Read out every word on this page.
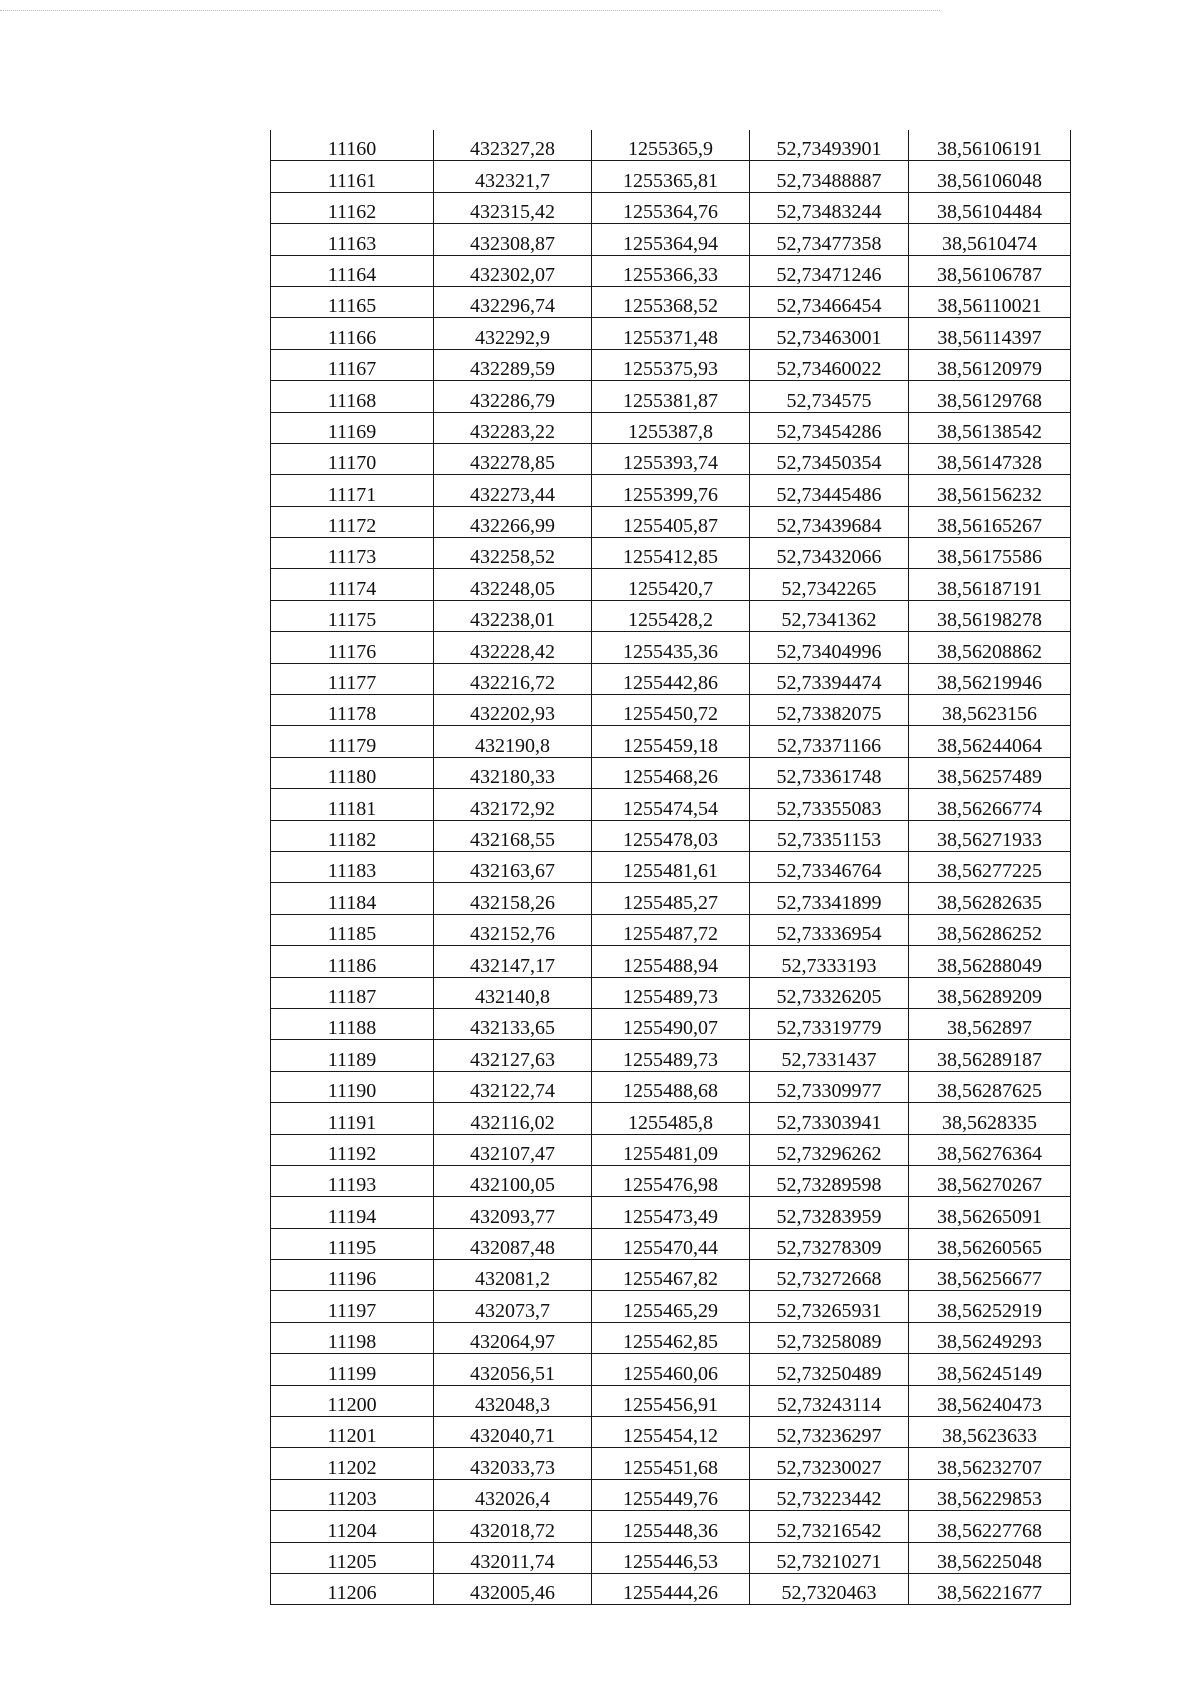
11160	432327,28	1255365,9	52,73493901	38,56106191
11161	432321,7	1255365,81	52,73488887	38,56106048
11162	432315,42	1255364,76	52,73483244	38,56104484
11163	432308,87	1255364,94	52,73477358	38,5610474
11164	432302,07	1255366,33	52,73471246	38,56106787
11165	432296,74	1255368,52	52,73466454	38,56110021
11166	432292,9	1255371,48	52,73463001	38,56114397
11167	432289,59	1255375,93	52,73460022	38,56120979
11168	432286,79	1255381,87	52,734575	38,56129768
11169	432283,22	1255387,8	52,73454286	38,56138542
11170	432278,85	1255393,74	52,73450354	38,56147328
11171	432273,44	1255399,76	52,73445486	38,56156232
11172	432266,99	1255405,87	52,73439684	38,56165267
11173	432258,52	1255412,85	52,73432066	38,56175586
11174	432248,05	1255420,7	52,7342265	38,56187191
11175	432238,01	1255428,2	52,7341362	38,56198278
11176	432228,42	1255435,36	52,73404996	38,56208862
11177	432216,72	1255442,86	52,73394474	38,56219946
11178	432202,93	1255450,72	52,73382075	38,5623156
11179	432190,8	1255459,18	52,73371166	38,56244064
11180	432180,33	1255468,26	52,73361748	38,56257489
11181	432172,92	1255474,54	52,73355083	38,56266774
11182	432168,55	1255478,03	52,73351153	38,56271933
11183	432163,67	1255481,61	52,73346764	38,56277225
11184	432158,26	1255485,27	52,73341899	38,56282635
11185	432152,76	1255487,72	52,73336954	38,56286252
11186	432147,17	1255488,94	52,7333193	38,56288049
11187	432140,8	1255489,73	52,73326205	38,56289209
11188	432133,65	1255490,07	52,73319779	38,562897
11189	432127,63	1255489,73	52,7331437	38,56289187
11190	432122,74	1255488,68	52,73309977	38,56287625
11191	432116,02	1255485,8	52,73303941	38,5628335
11192	432107,47	1255481,09	52,73296262	38,56276364
11193	432100,05	1255476,98	52,73289598	38,56270267
11194	432093,77	1255473,49	52,73283959	38,56265091
11195	432087,48	1255470,44	52,73278309	38,56260565
11196	432081,2	1255467,82	52,73272668	38,56256677
11197	432073,7	1255465,29	52,73265931	38,56252919
11198	432064,97	1255462,85	52,73258089	38,56249293
11199	432056,51	1255460,06	52,73250489	38,56245149
11200	432048,3	1255456,91	52,73243114	38,56240473
11201	432040,71	1255454,12	52,73236297	38,5623633
11202	432033,73	1255451,68	52,73230027	38,56232707
11203	432026,4	1255449,76	52,73223442	38,56229853
11204	432018,72	1255448,36	52,73216542	38,56227768
11205	432011,74	1255446,53	52,73210271	38,56225048
11206	432005,46	1255444,26	52,7320463	38,56221677
